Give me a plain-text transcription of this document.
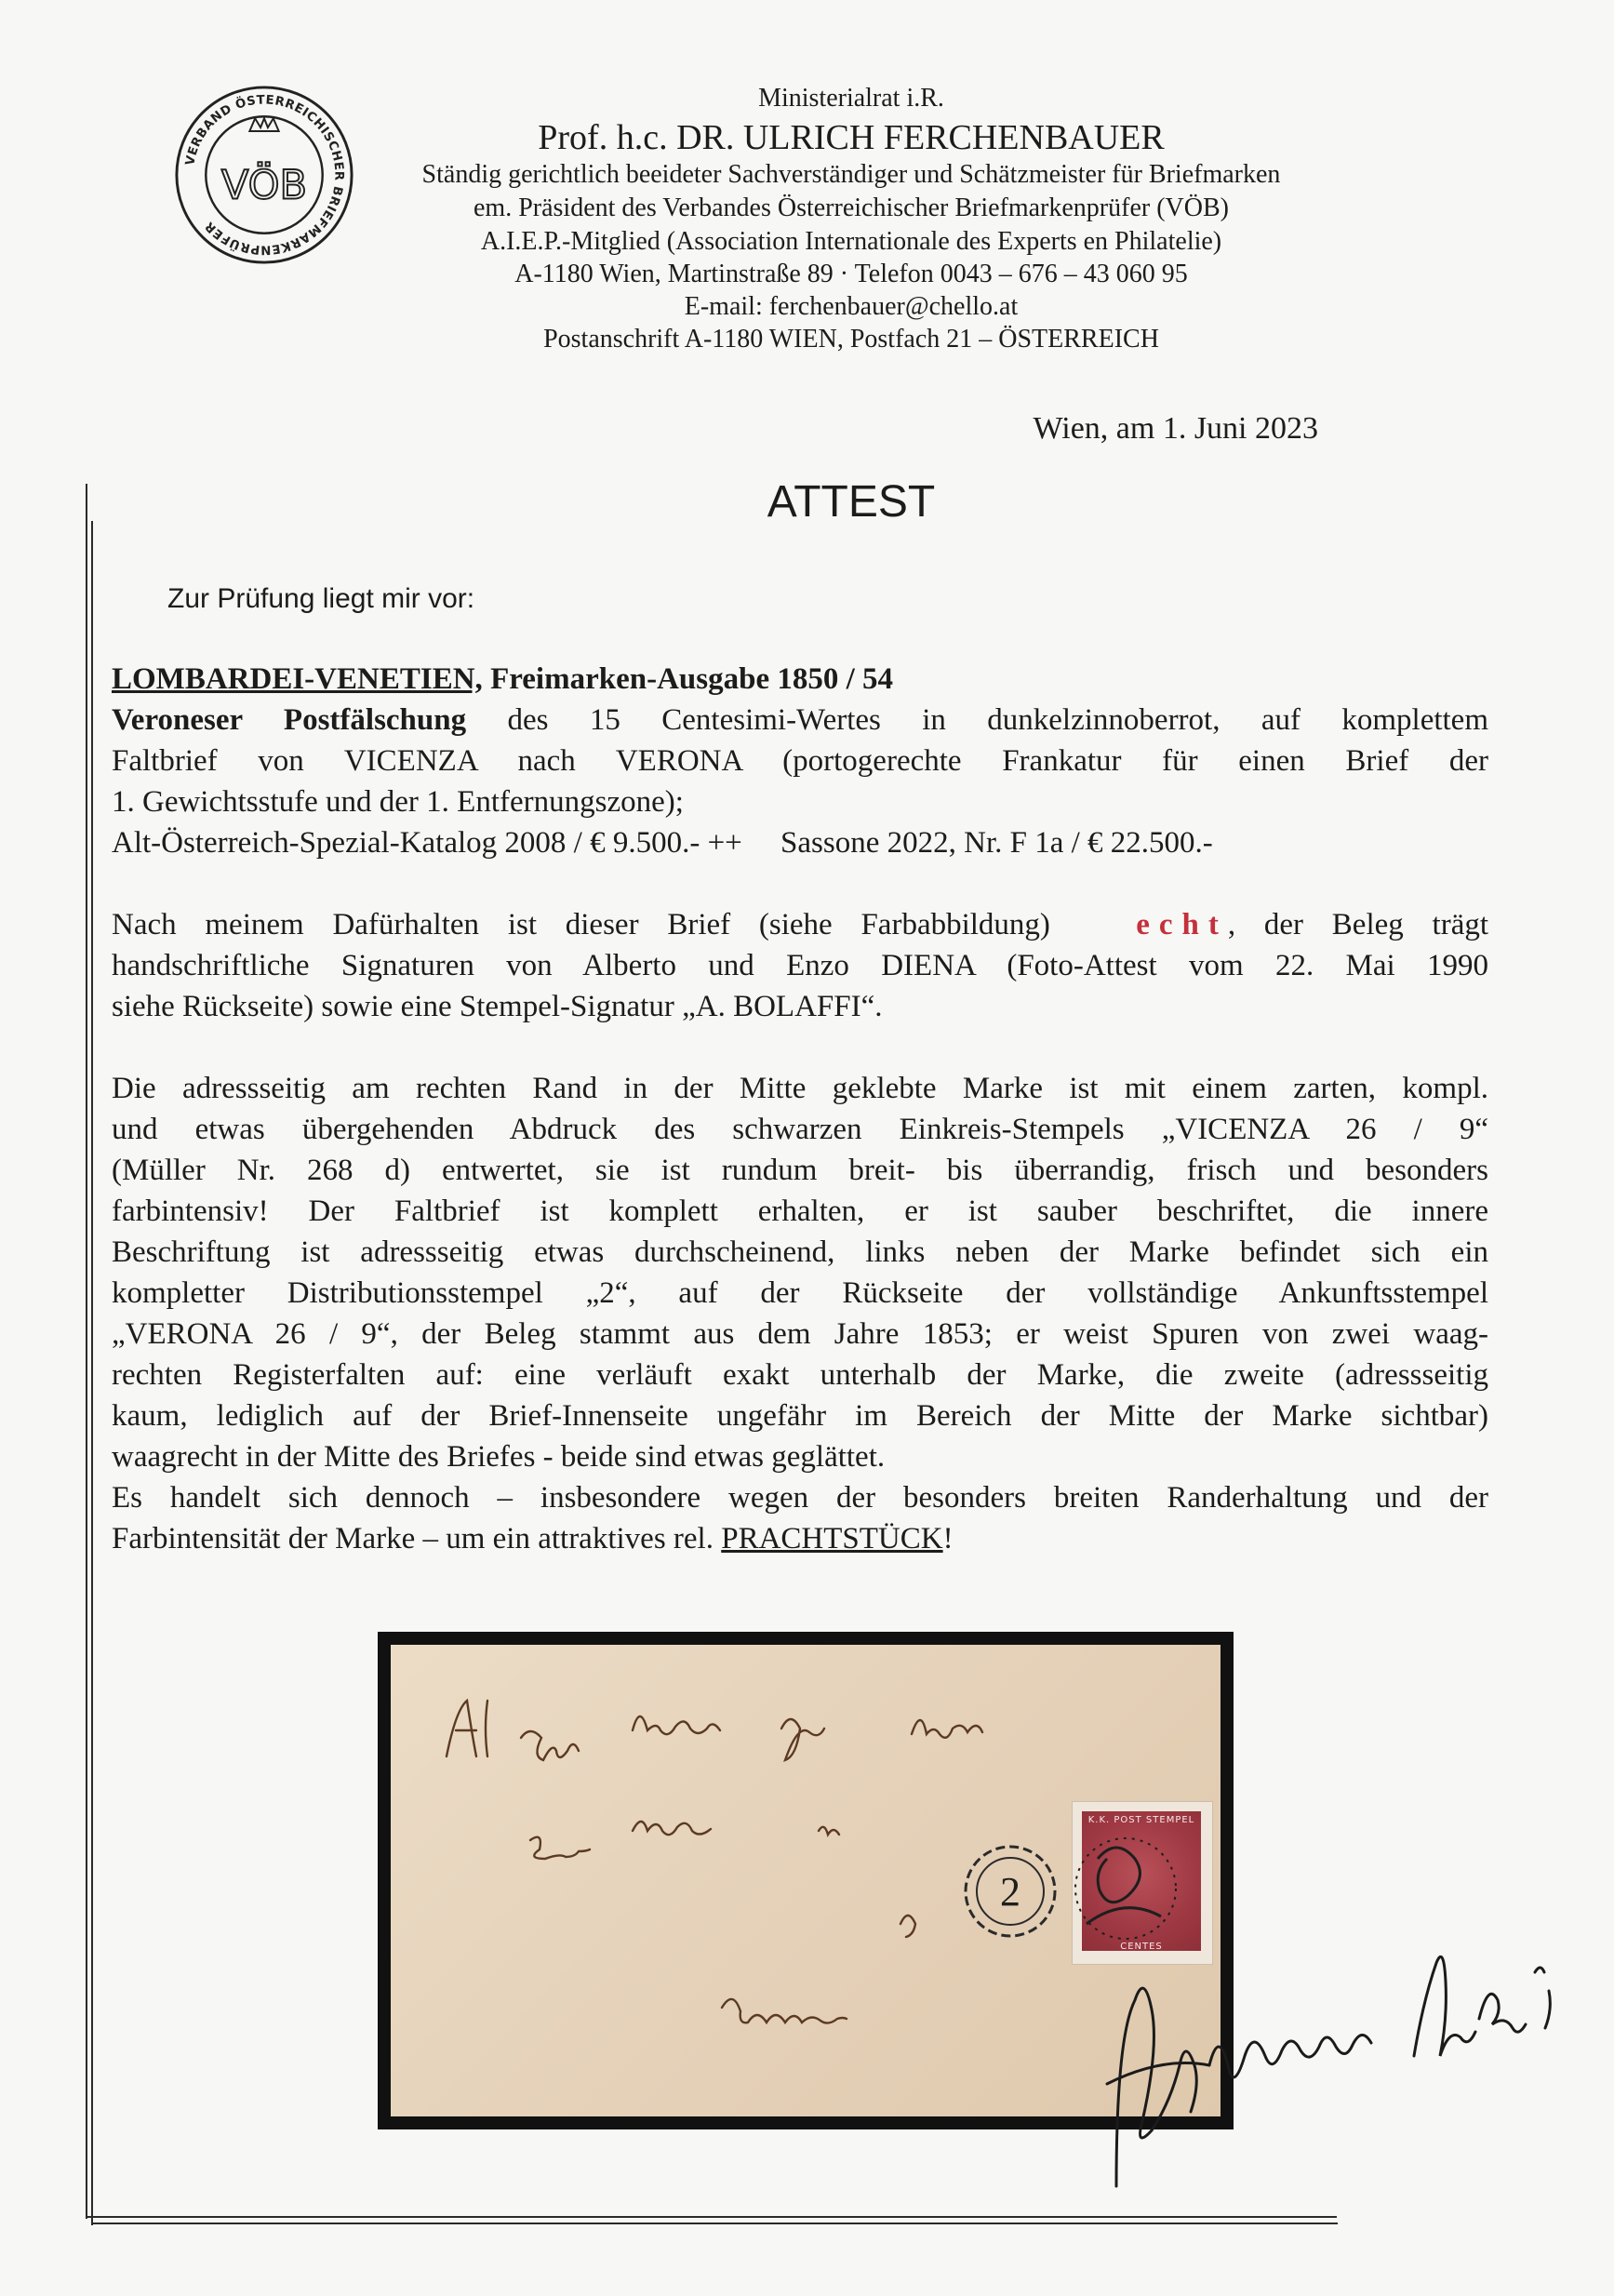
VERBAND ÖSTERREICHISCHER BRIEFMARKENPRÜFER
VÖB
Ministerialrat i.R.
Prof. h.c. DR. ULRICH FERCHENBAUER
Ständig gerichtlich beeideter Sachverständiger und Schätzmeister für Briefmarken
em. Präsident des Verbandes Österreichischer Briefmarkenprüfer (VÖB)
A.I.E.P.-Mitglied (Association Internationale des Experts en Philatelie)
A-1180 Wien, Martinstraße 89 · Telefon 0043 – 676 – 43 060 95
E-mail: ferchenbauer@chello.at
Postanschrift A-1180 WIEN, Postfach 21 – ÖSTERREICH
Wien, am 1. Juni 2023
ATTEST
Zur Prüfung liegt mir vor:
LOMBARDEI-VENETIEN, Freimarken-Ausgabe 1850 / 54
Veroneser Postfälschung des 15 Centesimi-Wertes in dunkelzinnoberrot, auf komplettem
Faltbrief von VICENZA nach VERONA (portogerechte Frankatur für einen Brief der
1. Gewichtsstufe und der 1. Entfernungszone);
Alt-Österreich-Spezial-Katalog 2008 / € 9.500.- ++     Sassone 2022, Nr. F 1a / € 22.500.-
Nach meinem Dafürhalten ist dieser Brief (siehe Farbabbildung)	echt, der Beleg trägt
handschriftliche Signaturen von Alberto und Enzo DIENA (Foto-Attest vom 22. Mai 1990
siehe Rückseite) sowie eine Stempel-Signatur „A. BOLAFFI“.
Die adressseitig am rechten Rand in der Mitte geklebte Marke ist mit einem zarten, kompl.
und etwas übergehenden Abdruck des schwarzen Einkreis-Stempels „VICENZA 26 / 9“
(Müller Nr. 268 d) entwertet, sie ist rundum breit- bis überrandig, frisch und besonders
farbintensiv! Der Faltbrief ist komplett erhalten, er ist sauber beschriftet, die innere
Beschriftung ist adressseitig etwas durchscheinend, links neben der Marke befindet sich ein
kompletter Distributionsstempel „2“, auf der Rückseite der vollständige Ankunftsstempel
„VERONA 26 / 9“, der Beleg stammt aus dem Jahre 1853; er weist Spuren von zwei waag-
rechten Registerfalten auf: eine verläuft exakt unterhalb der Marke, die zweite (adressseitig
kaum, lediglich auf der Brief-Innenseite ungefähr im Bereich der Mitte der Marke sichtbar)
waagrecht in der Mitte des Briefes - beide sind etwas geglättet.
Es handelt sich dennoch – insbesondere wegen der besonders breiten Randerhaltung und der
Farbintensität der Marke – um ein attraktives rel. PRACHTSTÜCK!
2
K.K. POST STEMPEL
CENTES
